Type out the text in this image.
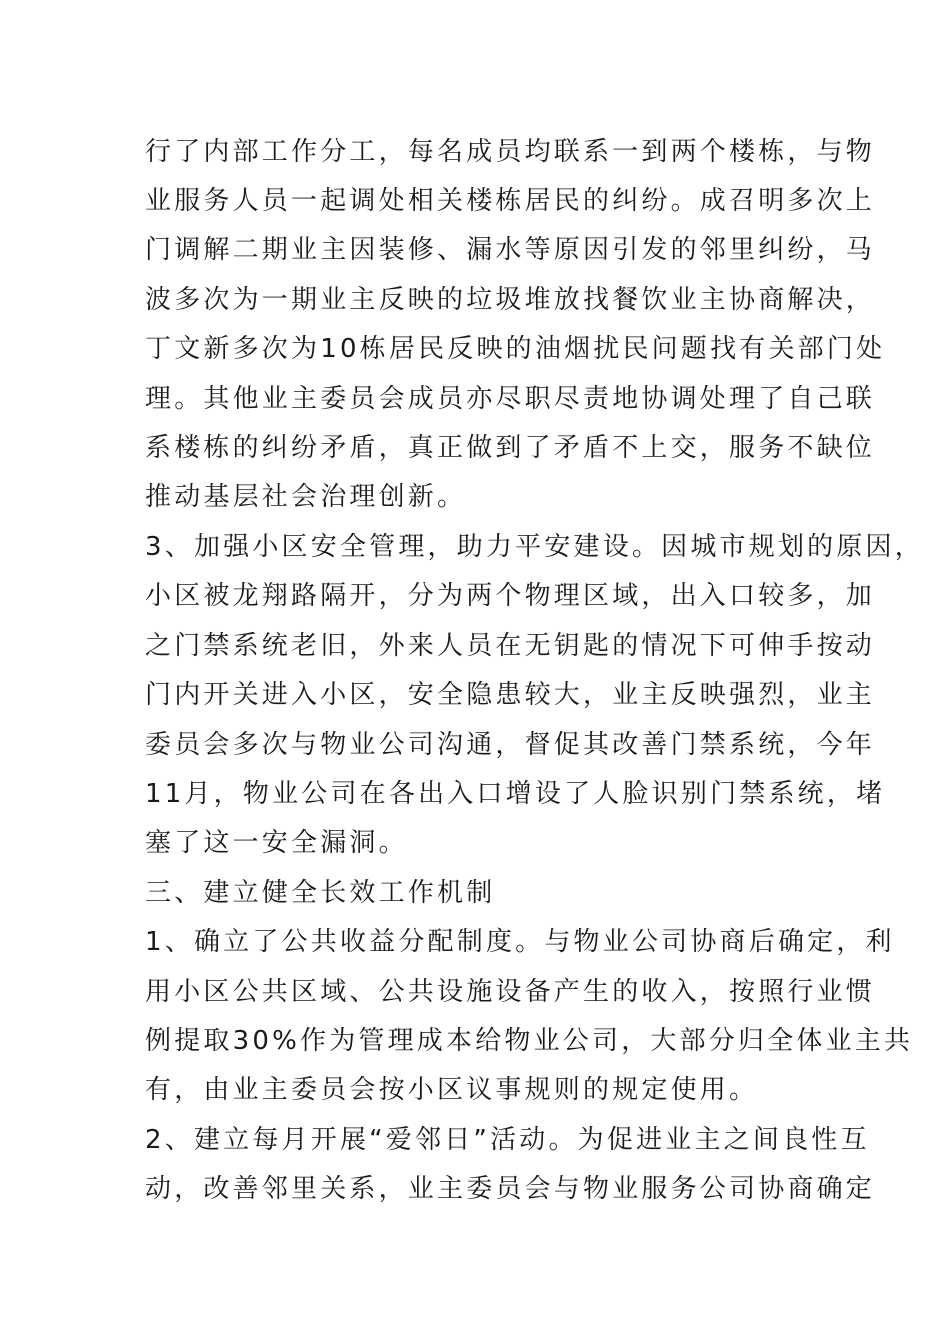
行了内部工作分工，每名成员均联系一到两个楼栋，与物
业服务人员一起调处相关楼栋居民的纠纷。成召明多次上
门调解二期业主因装修、漏水等原因引发的邻里纠纷，马
波多次为一期业主反映的垃圾堆放找餐饮业主协商解决，
丁文新多次为10栋居民反映的油烟扰民问题找有关部门处
理。其他业主委员会成员亦尽职尽责地协调处理了自己联
系楼栋的纠纷矛盾，真正做到了矛盾不上交，服务不缺位
推动基层社会治理创新。
3、加强小区安全管理，助力平安建设。因城市规划的原因，
小区被龙翔路隔开，分为两个物理区域，出入口较多，加
之门禁系统老旧，外来人员在无钥匙的情况下可伸手按动
门内开关进入小区，安全隐患较大，业主反映强烈，业主
委员会多次与物业公司沟通，督促其改善门禁系统，今年
11月，物业公司在各出入口增设了人脸识别门禁系统，堵
塞了这一安全漏洞。
三、建立健全长效工作机制
1、确立了公共收益分配制度。与物业公司协商后确定，利
用小区公共区域、公共设施设备产生的收入，按照行业惯
例提取30%作为管理成本给物业公司，大部分归全体业主共
有，由业主委员会按小区议事规则的规定使用。
2、建立每月开展“爱邻日”活动。为促进业主之间良性互
动，改善邻里关系，业主委员会与物业服务公司协商确定
